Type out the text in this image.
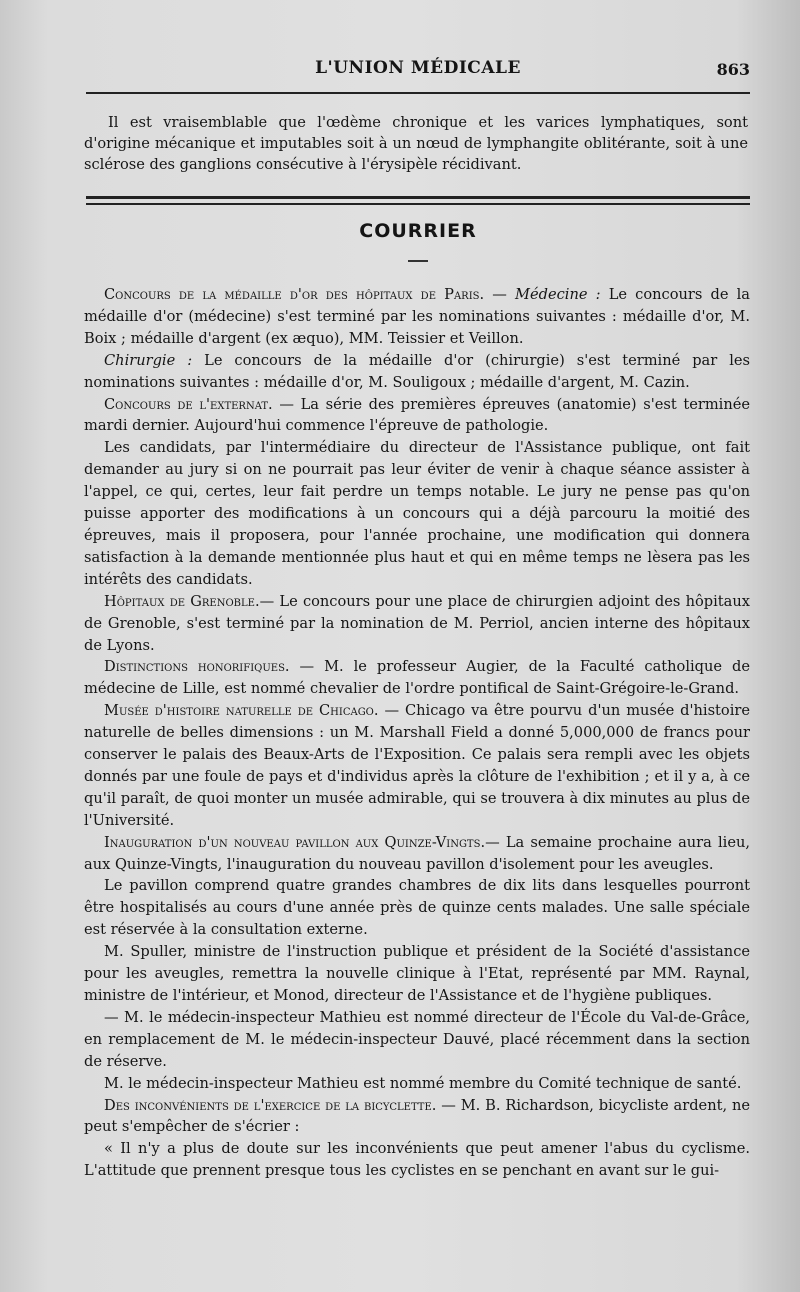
L'UNION MÉDICALE	863

Il est vraisemblable que l'œdème chronique et les varices lymphatiques, sont d'origine mécanique et imputables soit à un nœud de lymphangite oblitérante, soit à une sclérose des ganglions consécutive à l'érysipèle récidivant.

COURRIER

Concours de la médaille d'or des hôpitaux de Paris. — Médecine : Le concours de la médaille d'or (médecine) s'est terminé par les nominations suivantes : médaille d'or, M. Boix ; médaille d'argent (ex æquo), MM. Teissier et Veillon.

Chirurgie : Le concours de la médaille d'or (chirurgie) s'est terminé par les nominations suivantes : médaille d'or, M. Souligoux ; médaille d'argent, M. Cazin.

Concours de l'externat. — La série des premières épreuves (anatomie) s'est terminée mardi dernier. Aujourd'hui commence l'épreuve de pathologie.

Les candidats, par l'intermédiaire du directeur de l'Assistance publique, ont fait demander au jury si on ne pourrait pas leur éviter de venir à chaque séance assister à l'appel, ce qui, certes, leur fait perdre un temps notable. Le jury ne pense pas qu'on puisse apporter des modifications à un concours qui a déjà parcouru la moitié des épreuves, mais il proposera, pour l'année prochaine, une modification qui donnera satisfaction à la demande mentionnée plus haut et qui en même temps ne lèsera pas les intérêts des candidats.

Hôpitaux de Grenoble.— Le concours pour une place de chirurgien adjoint des hôpitaux de Grenoble, s'est terminé par la nomination de M. Perriol, ancien interne des hôpitaux de Lyons.

Distinctions honorifiques. — M. le professeur Augier, de la Faculté catholique de médecine de Lille, est nommé chevalier de l'ordre pontifical de Saint-Grégoire-le-Grand.

Musée d'histoire naturelle de Chicago. — Chicago va être pourvu d'un musée d'histoire naturelle de belles dimensions : un M. Marshall Field a donné 5,000,000 de francs pour conserver le palais des Beaux-Arts de l'Exposition. Ce palais sera rempli avec les objets donnés par une foule de pays et d'individus après la clôture de l'exhibition ; et il y a, à ce qu'il paraît, de quoi monter un musée admirable, qui se trouvera à dix minutes au plus de l'Université.

Inauguration d'un nouveau pavillon aux Quinze-Vingts.— La semaine prochaine aura lieu, aux Quinze-Vingts, l'inauguration du nouveau pavillon d'isolement pour les aveugles.

Le pavillon comprend quatre grandes chambres de dix lits dans lesquelles pourront être hospitalisés au cours d'une année près de quinze cents malades. Une salle spéciale est réservée à la consultation externe.

M. Spuller, ministre de l'instruction publique et président de la Société d'assistance pour les aveugles, remettra la nouvelle clinique à l'Etat, représenté par MM. Raynal, ministre de l'intérieur, et Monod, directeur de l'Assistance et de l'hygiène publiques.

— M. le médecin-inspecteur Mathieu est nommé directeur de l'École du Val-de-Grâce, en remplacement de M. le médecin-inspecteur Dauvé, placé récemment dans la section de réserve.

M. le médecin-inspecteur Mathieu est nommé membre du Comité technique de santé.

Des inconvénients de l'exercice de la bicyclette. — M. B. Richardson, bicycliste ardent, ne peut s'empêcher de s'écrier :

« Il n'y a plus de doute sur les inconvénients que peut amener l'abus du cyclisme. L'attitude que prennent presque tous les cyclistes en se penchant en avant sur le gui-
